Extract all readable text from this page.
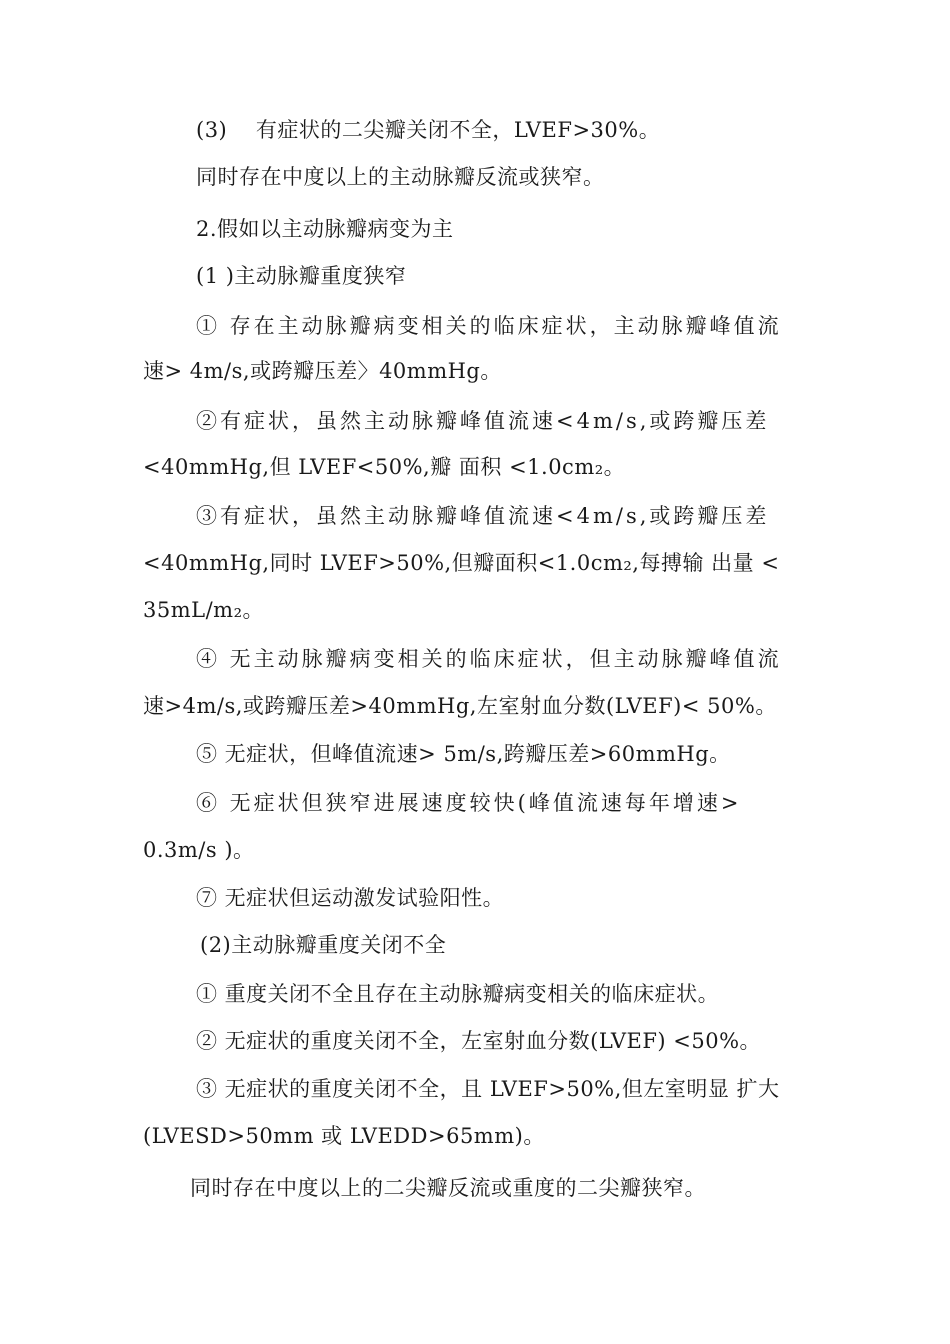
(3)　 有症状的二尖瓣关闭不全，LVEF>30%。
同时存在中度以上的主动脉瓣反流或狭窄。
2.假如以主动脉瓣病变为主
(1 )主动脉瓣重度狭窄
① 存在主动脉瓣病变相关的临床症状，主动脉瓣峰值流
速> 4m/s,或跨瓣压差〉40mmHg。
②有症状，虽然主动脉瓣峰值流速<4m/s,或跨瓣压差
<40mmHg,但 LVEF<50%,瓣 面积 <1.0cm₂。
③有症状，虽然主动脉瓣峰值流速<4m/s,或跨瓣压差
<40mmHg,同时 LVEF>50%,但瓣面积<1.0cm₂,每搏输 出量 <
35mL/m₂。
④ 无主动脉瓣病变相关的临床症状，但主动脉瓣峰值流
速>4m/s,或跨瓣压差>40mmHg,左室射血分数(LVEF)< 50%。
⑤ 无症状，但峰值流速> 5m/s,跨瓣压差>60mmHg。
⑥ 无症状但狭窄进展速度较快(峰值流速每年增速>
0.3m/s )。
⑦ 无症状但运动激发试验阳性。
(2)主动脉瓣重度关闭不全
① 重度关闭不全且存在主动脉瓣病变相关的临床症状。
② 无症状的重度关闭不全，左室射血分数(LVEF) <50%。
③ 无症状的重度关闭不全，且 LVEF>50%,但左室明显 扩大
(LVESD>50mm 或 LVEDD>65mm)。
同时存在中度以上的二尖瓣反流或重度的二尖瓣狭窄。
